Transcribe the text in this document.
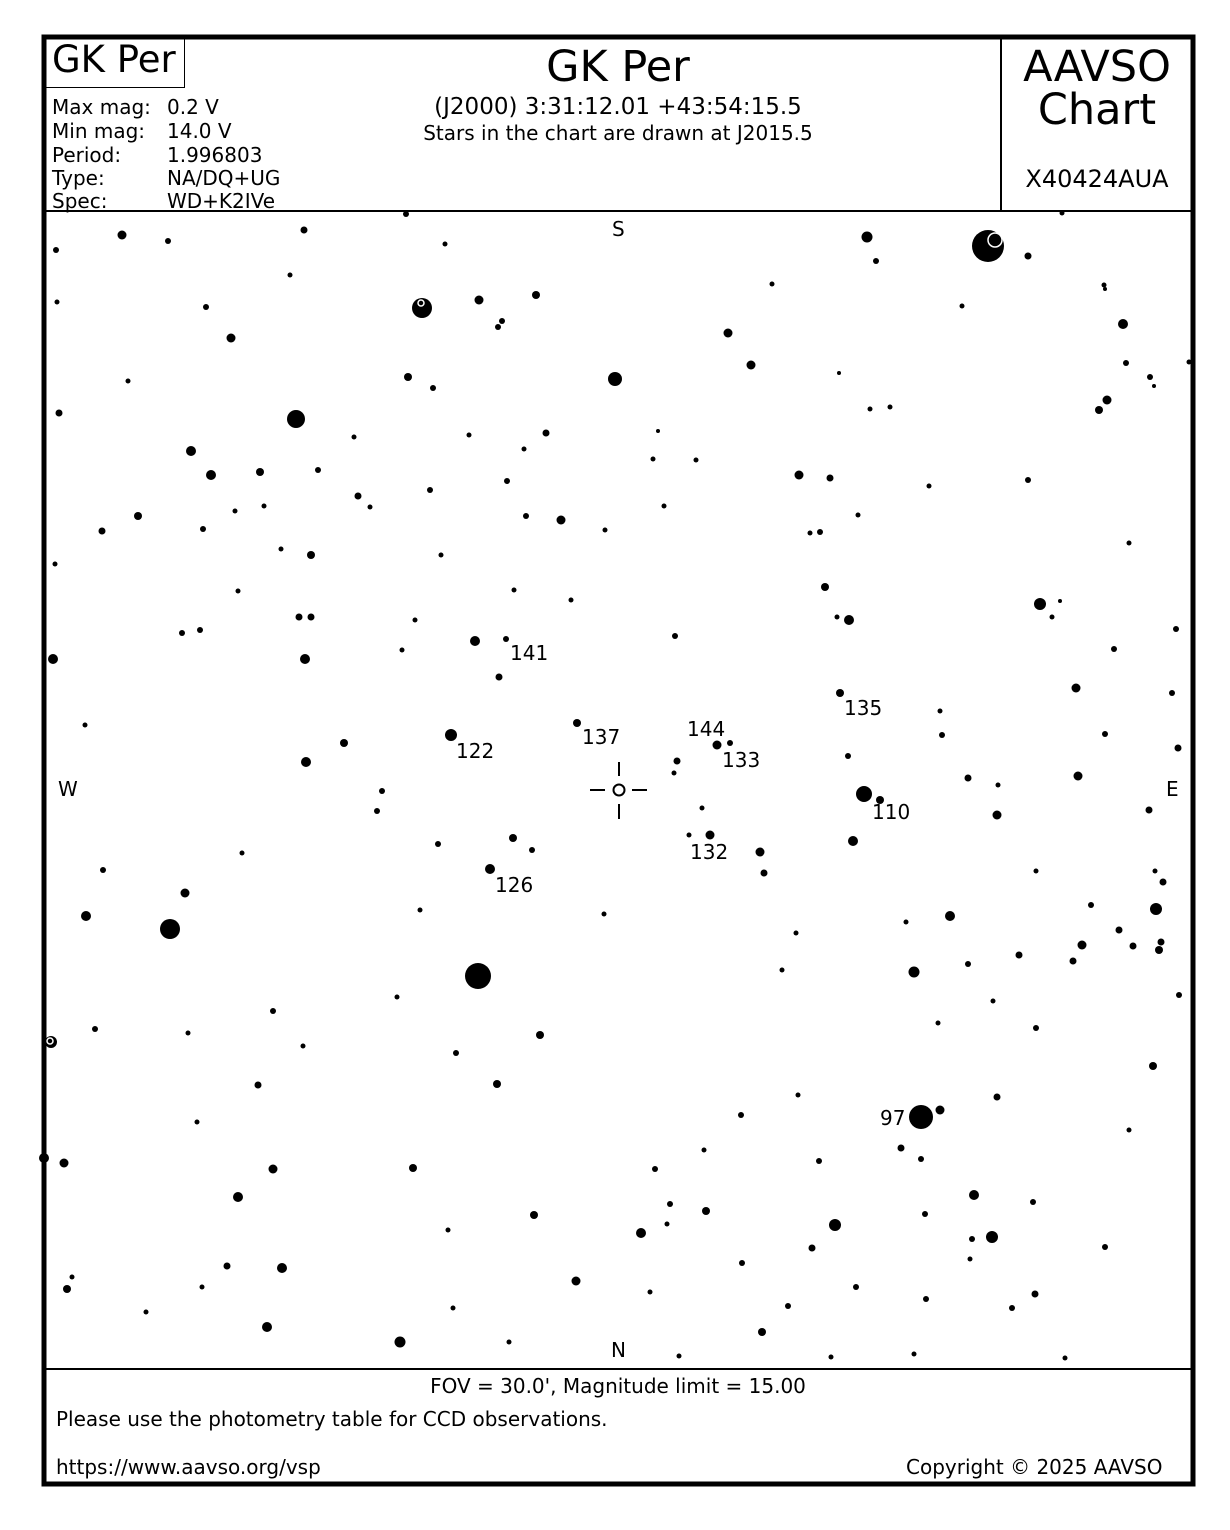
GK Per
Max mag: 0.2 V
Min mag: 14.0 V
Period: 1.996803
Type:	NA/DQ+UG
Spec:	WD+K2IVe
GK Per
(J2000) 3:31:12.01 +43:54:15.5
Stars in the chart are drawn at J2015.5
AAVSO
Chart
X40424AUA
S
N
W	E
141
122
137	144
133
135
110
132
126
97
FOV = 30.0', Magnitude limit = 15.00
Please use the photometry table for CCD observations.
https://www.aavso.org/vsp	Copyright © 2025 AAVSO
